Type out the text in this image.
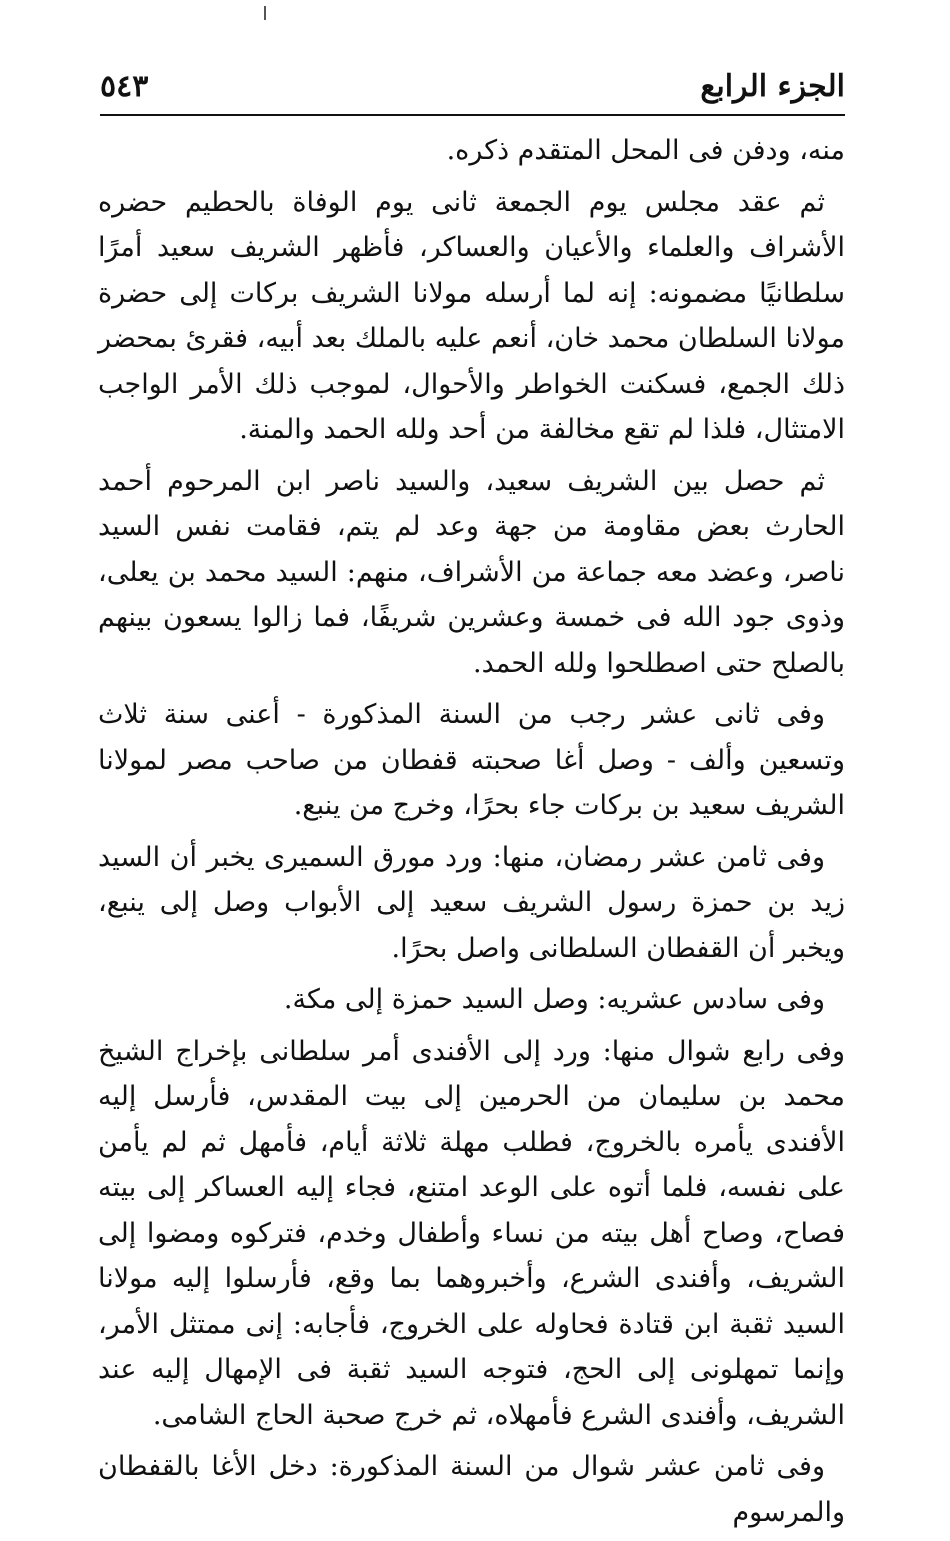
الجزء الرابع
٥٤٣

منه، ودفن فى المحل المتقدم ذكره.

ثم عقد مجلس يوم الجمعة ثانى يوم الوفاة بالحطيم حضره الأشراف والعلماء والأعيان والعساكر، فأظهر الشريف سعيد أمرًا سلطانيًا مضمونه: إنه لما أرسله مولانا الشريف بركات إلى حضرة مولانا السلطان محمد خان، أنعم عليه بالملك بعد أبيه، فقرئ بمحضر ذلك الجمع، فسكنت الخواطر والأحوال، لموجب ذلك الأمر الواجب الامتثال، فلذا لم تقع مخالفة من أحد ولله الحمد والمنة.

ثم حصل بين الشريف سعيد، والسيد ناصر ابن المرحوم أحمد الحارث بعض مقاومة من جهة وعد لم يتم، فقامت نفس السيد ناصر، وعضد معه جماعة من الأشراف، منهم: السيد محمد بن يعلى، وذوى جود الله فى خمسة وعشرين شريفًا، فما زالوا يسعون بينهم بالصلح حتى اصطلحوا ولله الحمد.

وفى ثانى عشر رجب من السنة المذكورة - أعنى سنة ثلاث وتسعين وألف - وصل أغا صحبته قفطان من صاحب مصر لمولانا الشريف سعيد بن بركات جاء بحرًا، وخرج من ينبع.

وفى ثامن عشر رمضان، منها: ورد مورق السميرى يخبر أن السيد زيد بن حمزة رسول الشريف سعيد إلى الأبواب وصل إلى ينبع، ويخبر أن القفطان السلطانى واصل بحرًا.

وفى سادس عشريه: وصل السيد حمزة إلى مكة.

وفى رابع شوال منها: ورد إلى الأفندى أمر سلطانى بإخراج الشيخ محمد بن سليمان من الحرمين إلى بيت المقدس، فأرسل إليه الأفندى يأمره بالخروج، فطلب مهلة ثلاثة أيام، فأمهل ثم لم يأمن على نفسه، فلما أتوه على الوعد امتنع، فجاء إليه العساكر إلى بيته فصاح، وصاح أهل بيته من نساء وأطفال وخدم، فتركوه ومضوا إلى الشريف، وأفندى الشرع، وأخبروهما بما وقع، فأرسلوا إليه مولانا السيد ثقبة ابن قتادة فحاوله على الخروج، فأجابه: إنى ممتثل الأمر، وإنما تمهلونى إلى الحج، فتوجه السيد ثقبة فى الإمهال إليه عند الشريف، وأفندى الشرع فأمهلاه، ثم خرج صحبة الحاج الشامى.

وفى ثامن عشر شوال من السنة المذكورة: دخل الأغا بالقفطان والمرسوم
